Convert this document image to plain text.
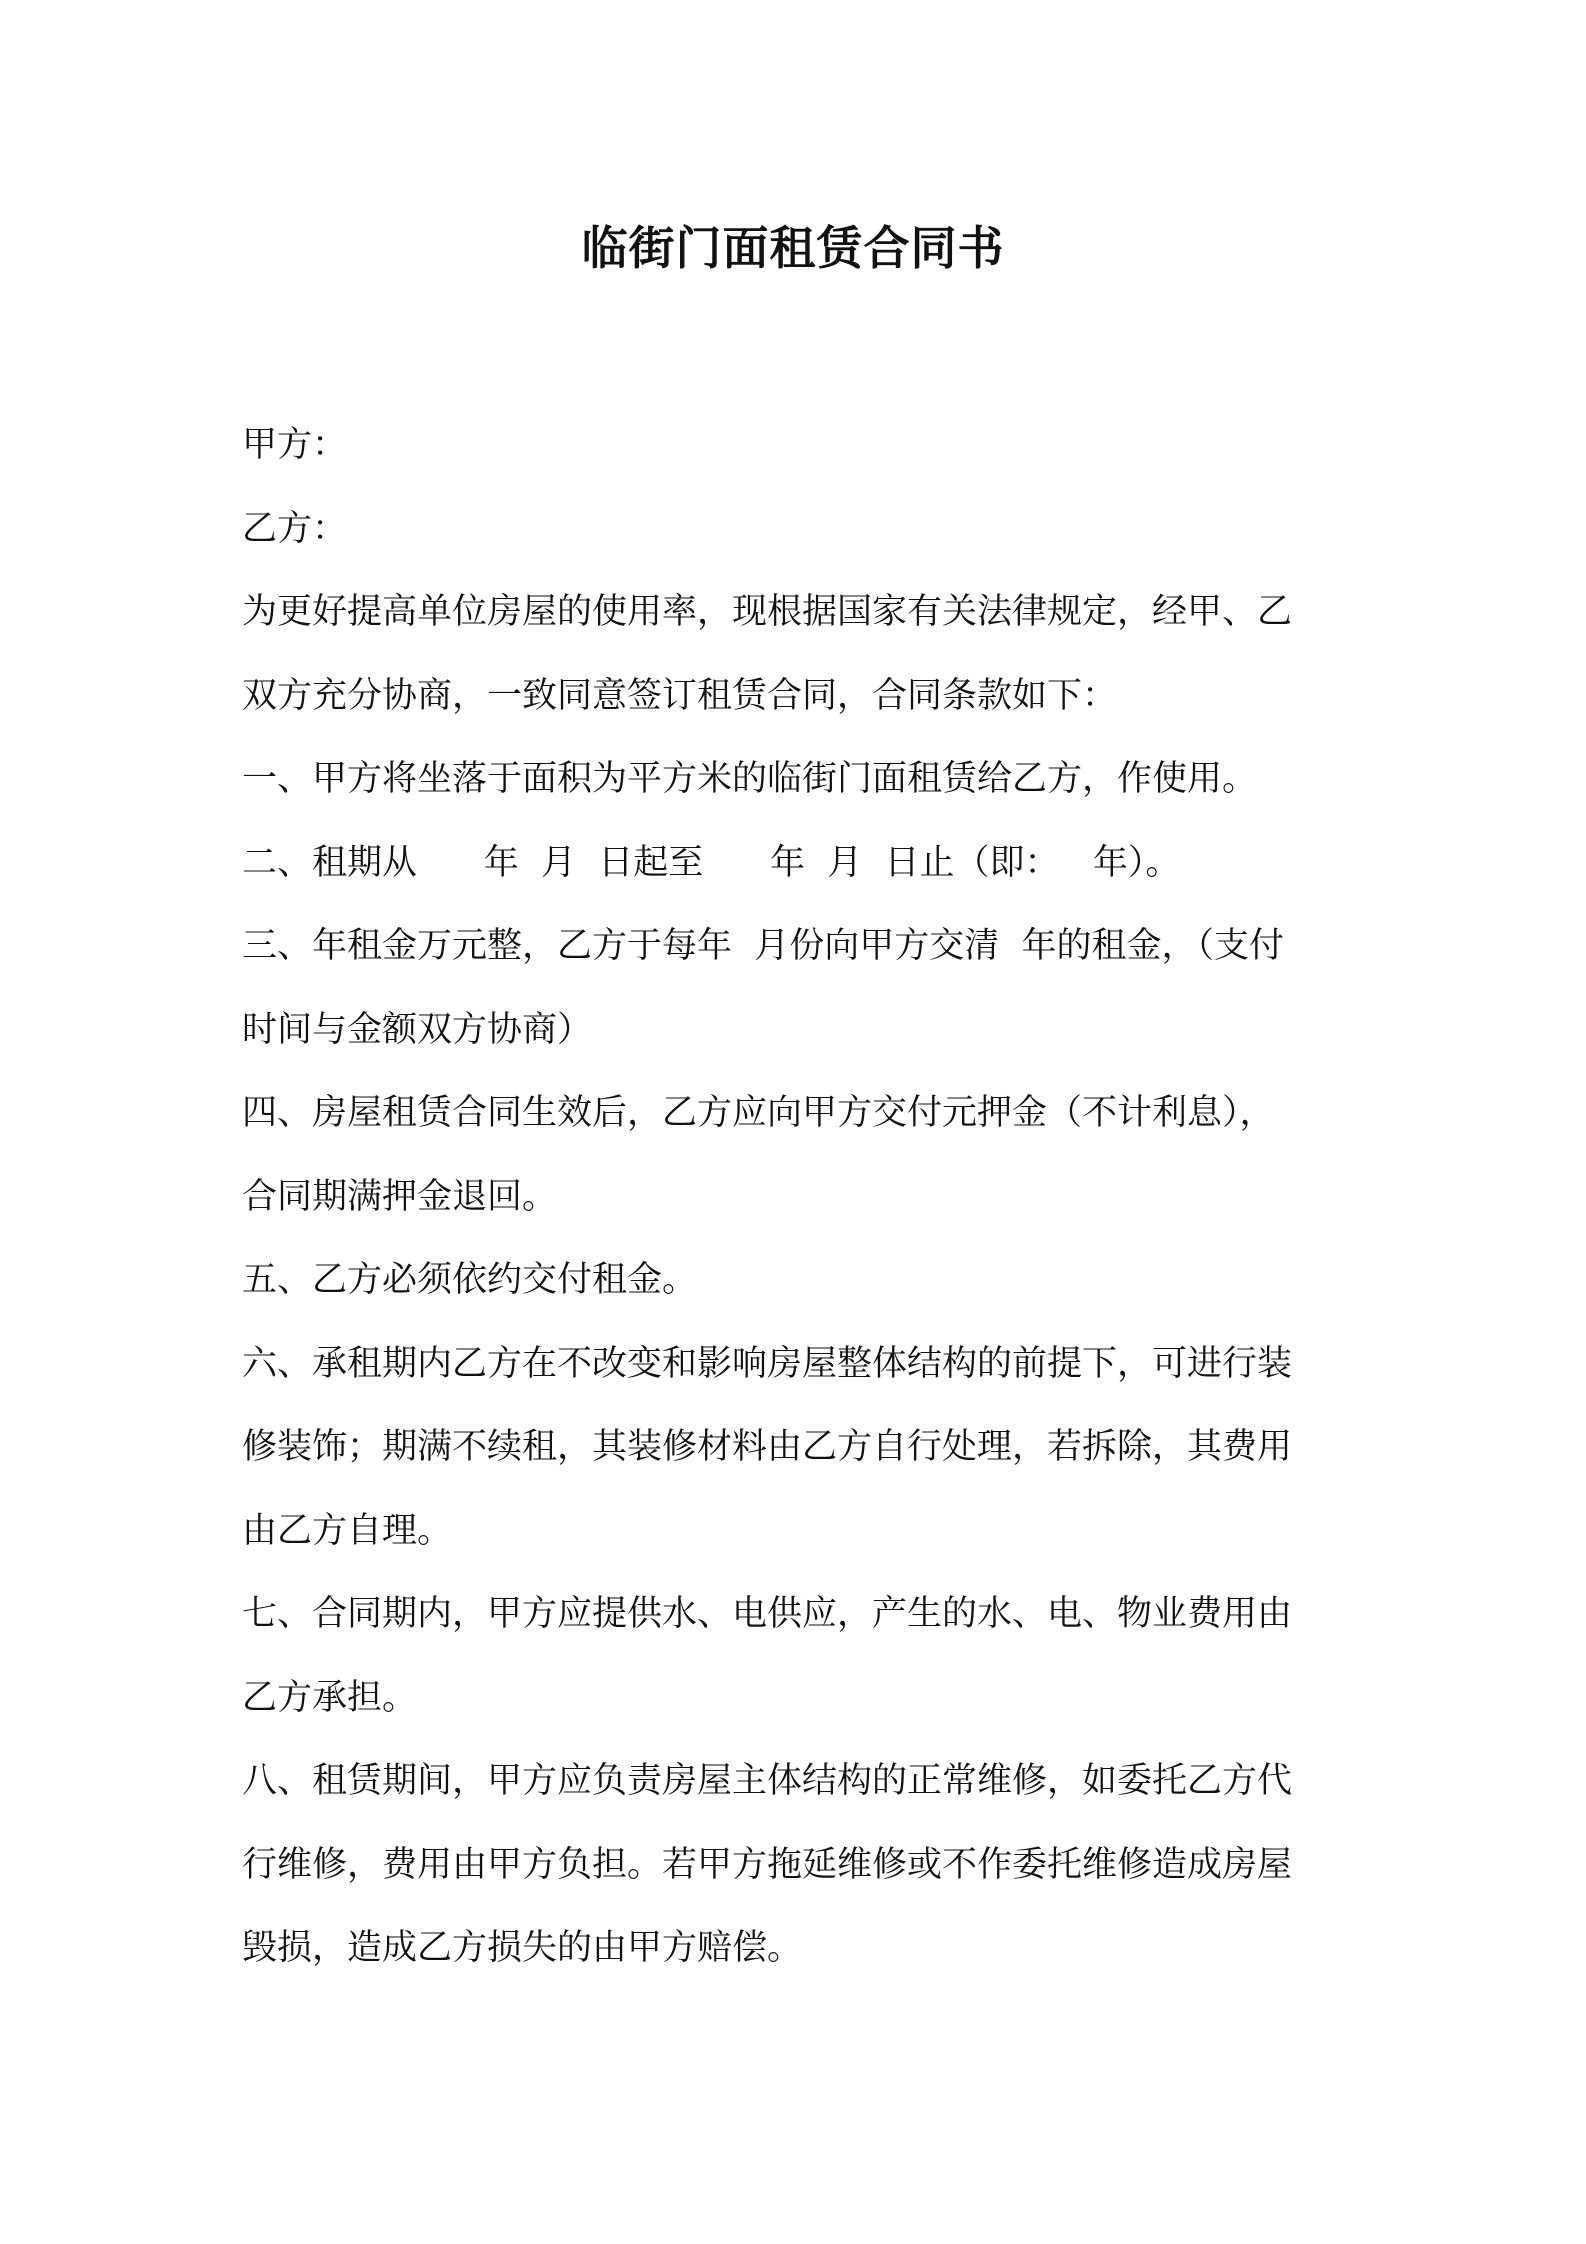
临街门面租赁合同书

甲方：

乙方：

为更好提高单位房屋的使用率，现根据国家有关法律规定，经甲、乙

双方充分协商，一致同意签订租赁合同，合同条款如下：

一、甲方将坐落于面积为平方米的临街门面租赁给乙方，作使用。

二、租期从      年  月  日起至      年  月  日止（即：   年）。

三、年租金万元整，乙方于每年  月份向甲方交清  年的租金，（支付

时间与金额双方协商）

四、房屋租赁合同生效后，乙方应向甲方交付元押金（不计利息），

合同期满押金退回。

五、乙方必须依约交付租金。

六、承租期内乙方在不改变和影响房屋整体结构的前提下，可进行装

修装饰；期满不续租，其装修材料由乙方自行处理，若拆除，其费用

由乙方自理。

七、合同期内，甲方应提供水、电供应，产生的水、电、物业费用由

乙方承担。

八、租赁期间，甲方应负责房屋主体结构的正常维修，如委托乙方代

行维修，费用由甲方负担。若甲方拖延维修或不作委托维修造成房屋

毁损，造成乙方损失的由甲方赔偿。
